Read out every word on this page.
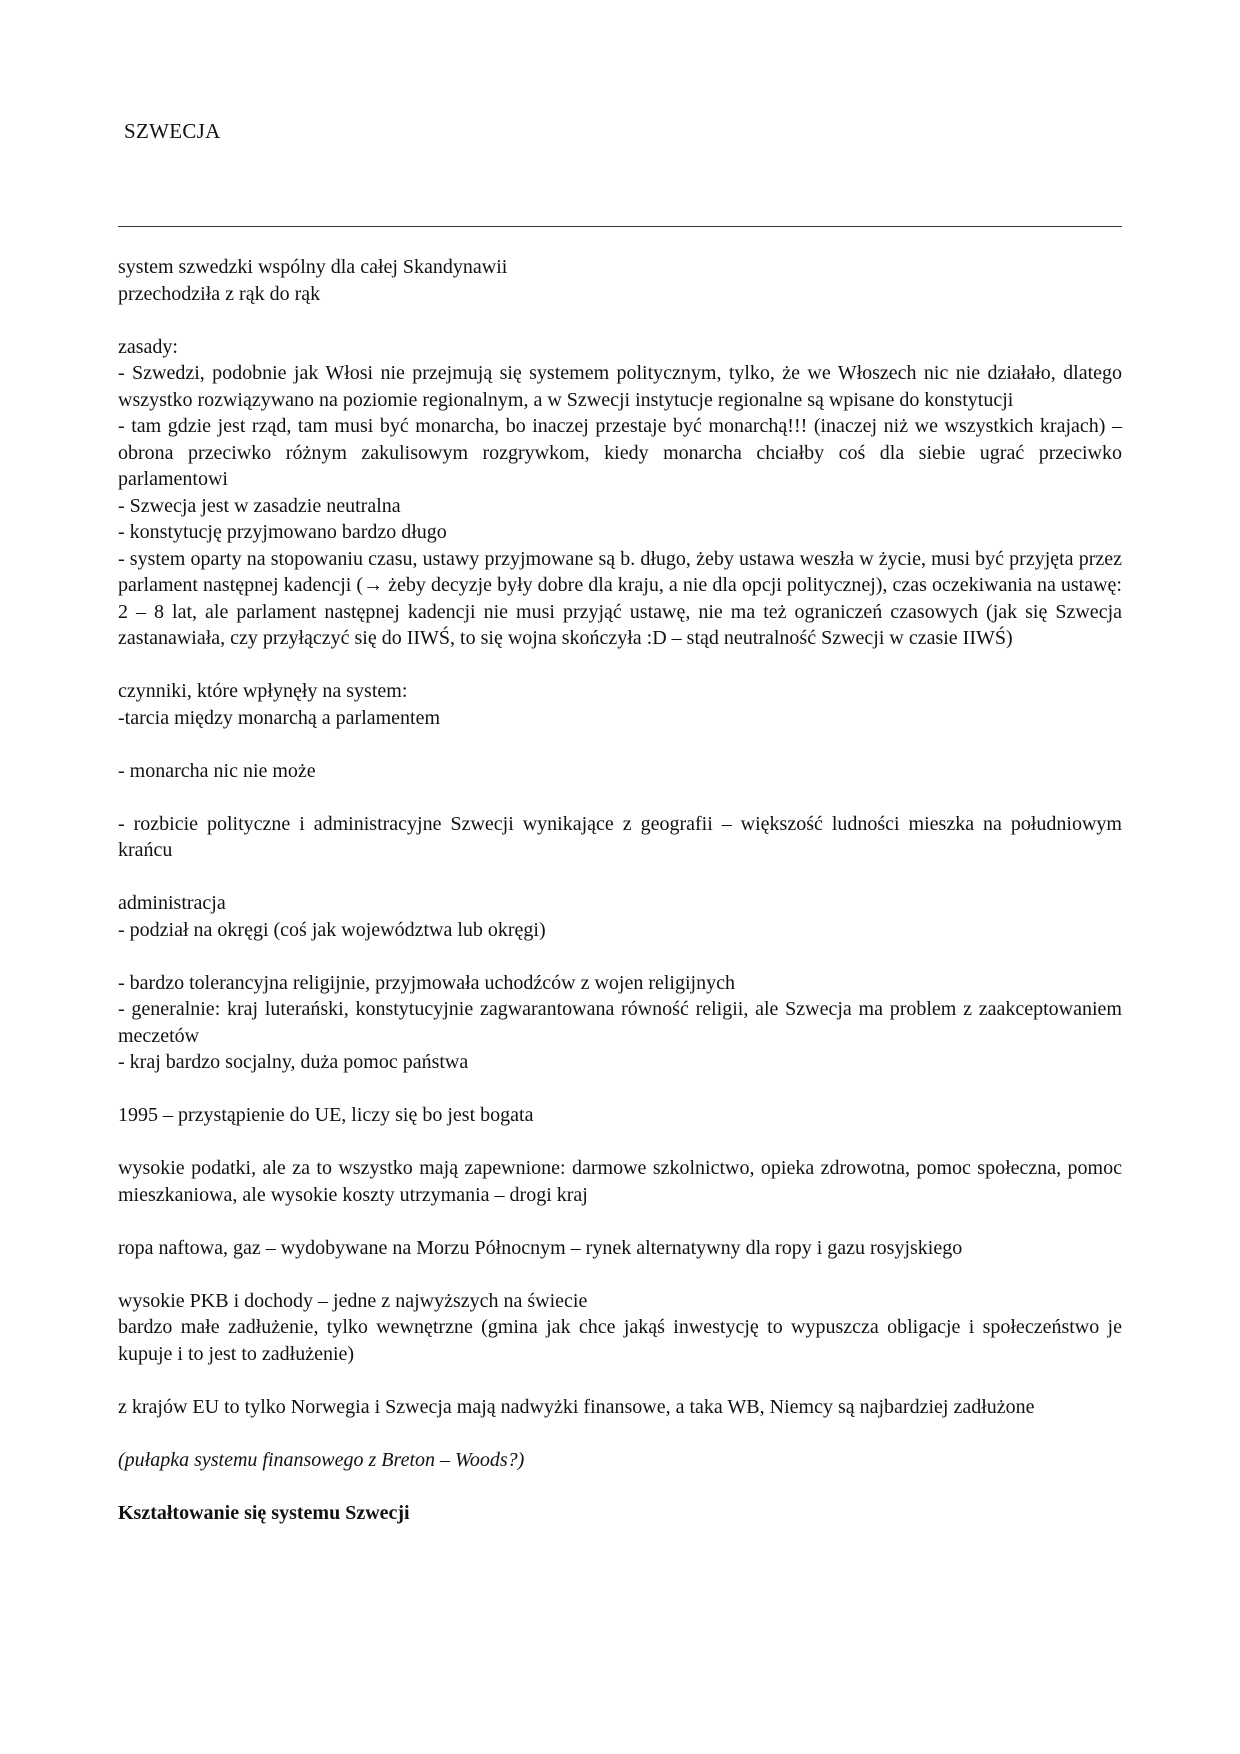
SZWECJA

system szwedzki wspólny dla całej Skandynawii

przechodziła z rąk do rąk

zasady:

- Szwedzi, podobnie jak Włosi nie przejmują się systemem politycznym, tylko, że we Włoszech nic nie działało, dlatego wszystko rozwiązywano na poziomie regionalnym, a w Szwecji instytucje regionalne są wpisane do konstytucji

- tam gdzie jest rząd, tam musi być monarcha, bo inaczej przestaje być monarchą!!! (inaczej niż we wszystkich krajach) – obrona przeciwko różnym zakulisowym rozgrywkom, kiedy monarcha chciałby coś dla siebie ugrać przeciwko parlamentowi

- Szwecja jest w zasadzie neutralna

- konstytucję przyjmowano bardzo długo

- system oparty na stopowaniu czasu, ustawy przyjmowane są b. długo, żeby ustawa weszła w życie, musi być przyjęta przez parlament następnej kadencji (→ żeby decyzje były dobre dla kraju, a nie dla opcji politycznej), czas oczekiwania na ustawę: 2 – 8 lat, ale parlament następnej kadencji nie musi przyjąć ustawę, nie ma też ograniczeń czasowych (jak się Szwecja zastanawiała, czy przyłączyć się do IIWŚ, to się wojna skończyła :D – stąd neutralność Szwecji w czasie IIWŚ)

czynniki, które wpłynęły na system:

-tarcia między monarchą a parlamentem

- monarcha nic nie może

- rozbicie polityczne i administracyjne Szwecji wynikające z geografii – większość ludności mieszka na południowym krańcu

administracja

- podział na okręgi (coś jak województwa lub okręgi)

- bardzo tolerancyjna religijnie, przyjmowała uchodźców z wojen religijnych

- generalnie: kraj luterański, konstytucyjnie zagwarantowana równość religii, ale Szwecja ma problem z zaakceptowaniem meczetów

- kraj bardzo socjalny, duża pomoc państwa

1995 – przystąpienie do UE, liczy się bo jest bogata

wysokie podatki, ale za to wszystko mają zapewnione: darmowe szkolnictwo, opieka zdrowotna, pomoc społeczna, pomoc mieszkaniowa, ale wysokie koszty utrzymania – drogi kraj

ropa naftowa, gaz – wydobywane na Morzu Północnym – rynek alternatywny dla ropy i gazu rosyjskiego

wysokie PKB i dochody – jedne z najwyższych na świecie

bardzo małe zadłużenie, tylko wewnętrzne (gmina jak chce jakąś inwestycję to wypuszcza obligacje i społeczeństwo je kupuje i to jest to zadłużenie)

z krajów EU to tylko Norwegia i Szwecja mają nadwyżki finansowe, a taka WB, Niemcy są najbardziej zadłużone

(pułapka systemu finansowego z Breton – Woods?)

Kształtowanie się systemu Szwecji
